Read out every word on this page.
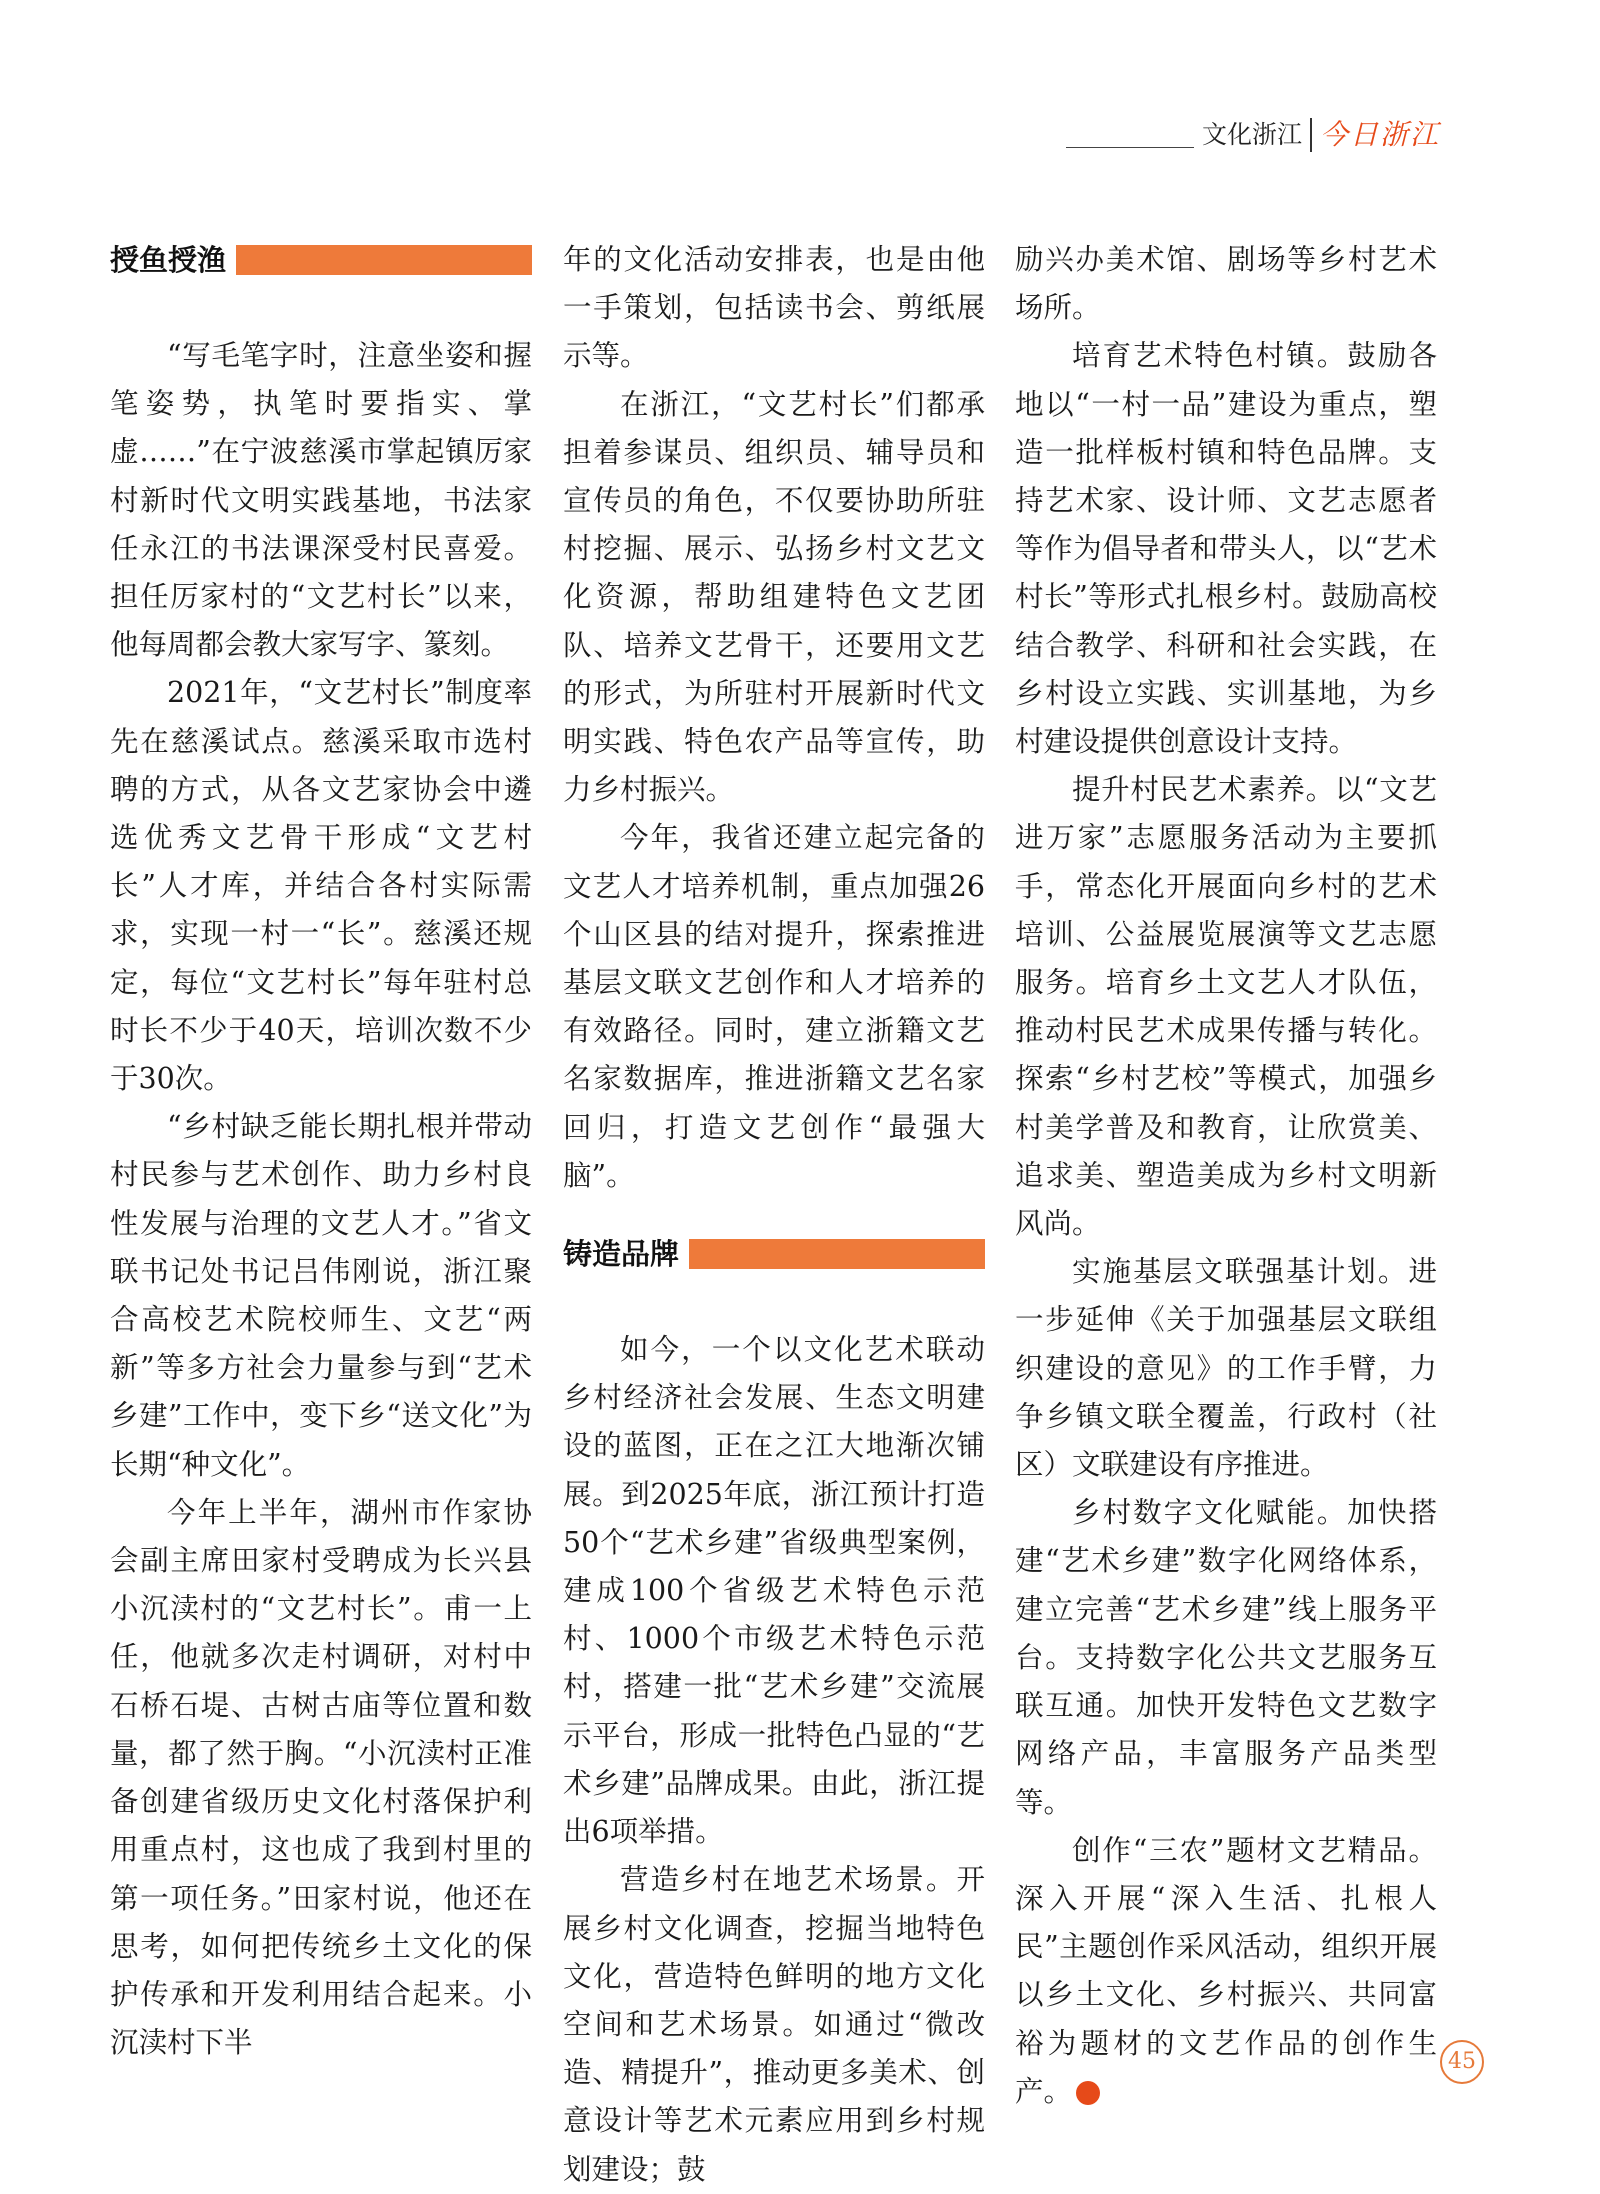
文化浙江 今日浙江
授鱼授渔

“写毛笔字时，注意坐姿和握笔姿势，执笔时要指实、掌虚……”在宁波慈溪市掌起镇厉家村新时代文明实践基地，书法家任永江的书法课深受村民喜爱。担任厉家村的“文艺村长”以来，他每周都会教大家写字、篆刻。

2021年，“文艺村长”制度率先在慈溪试点。慈溪采取市选村聘的方式，从各文艺家协会中遴选优秀文艺骨干形成“文艺村长”人才库，并结合各村实际需求，实现一村一“长”。慈溪还规定，每位“文艺村长”每年驻村总时长不少于40天，培训次数不少于30次。

“乡村缺乏能长期扎根并带动村民参与艺术创作、助力乡村良性发展与治理的文艺人才。”省文联书记处书记吕伟刚说，浙江聚合高校艺术院校师生、文艺“两新”等多方社会力量参与到“艺术乡建”工作中，变下乡“送文化”为长期“种文化”。

今年上半年，湖州市作家协会副主席田家村受聘成为长兴县小沉渎村的“文艺村长”。甫一上任，他就多次走村调研，对村中石桥石堤、古树古庙等位置和数量，都了然于胸。“小沉渎村正准备创建省级历史文化村落保护利用重点村，这也成了我到村里的第一项任务。”田家村说，他还在思考，如何把传统乡土文化的保护传承和开发利用结合起来。小沉渎村下半

年的文化活动安排表，也是由他一手策划，包括读书会、剪纸展示等。

在浙江，“文艺村长”们都承担着参谋员、组织员、辅导员和宣传员的角色，不仅要协助所驻村挖掘、展示、弘扬乡村文艺文化资源，帮助组建特色文艺团队、培养文艺骨干，还要用文艺的形式，为所驻村开展新时代文明实践、特色农产品等宣传，助力乡村振兴。

今年，我省还建立起完备的文艺人才培养机制，重点加强26个山区县的结对提升，探索推进基层文联文艺创作和人才培养的有效路径。同时，建立浙籍文艺名家数据库，推进浙籍文艺名家回归，打造文艺创作“最强大脑”。

铸造品牌

如今，一个以文化艺术联动乡村经济社会发展、生态文明建设的蓝图，正在之江大地渐次铺展。到2025年底，浙江预计打造50个“艺术乡建”省级典型案例，建成100个省级艺术特色示范村、1000个市级艺术特色示范村，搭建一批“艺术乡建”交流展示平台，形成一批特色凸显的“艺术乡建”品牌成果。由此，浙江提出6项举措。

营造乡村在地艺术场景。开展乡村文化调查，挖掘当地特色文化，营造特色鲜明的地方文化空间和艺术场景。如通过“微改造、精提升”，推动更多美术、创意设计等艺术元素应用到乡村规划建设；鼓

励兴办美术馆、剧场等乡村艺术场所。

培育艺术特色村镇。鼓励各地以“一村一品”建设为重点，塑造一批样板村镇和特色品牌。支持艺术家、设计师、文艺志愿者等作为倡导者和带头人，以“艺术村长”等形式扎根乡村。鼓励高校结合教学、科研和社会实践，在乡村设立实践、实训基地，为乡村建设提供创意设计支持。

提升村民艺术素养。以“文艺进万家”志愿服务活动为主要抓手，常态化开展面向乡村的艺术培训、公益展览展演等文艺志愿服务。培育乡土文艺人才队伍，推动村民艺术成果传播与转化。探索“乡村艺校”等模式，加强乡村美学普及和教育，让欣赏美、追求美、塑造美成为乡村文明新风尚。

实施基层文联强基计划。进一步延伸《关于加强基层文联组织建设的意见》的工作手臂，力争乡镇文联全覆盖，行政村（社区）文联建设有序推进。

乡村数字文化赋能。加快搭建“艺术乡建”数字化网络体系，建立完善“艺术乡建”线上服务平台。支持数字化公共文艺服务互联互通。加快开发特色文艺数字网络产品，丰富服务产品类型等。

创作“三农”题材文艺精品。深入开展“深入生活、扎根人民”主题创作采风活动，组织开展以乡土文化、乡村振兴、共同富裕为题材的文艺作品的创作生产。

45
